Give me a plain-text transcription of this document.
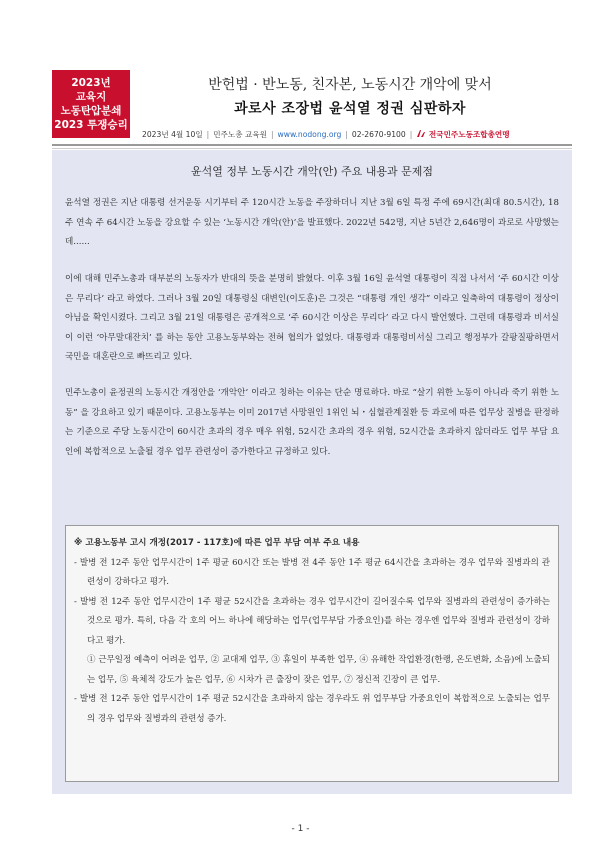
2023년
교육지
노동탄압분쇄
2023 투쟁승리
반헌법 · 반노동, 친자본, 노동시간 개악에 맞서
과로사 조장법 윤석열 정권 심판하자
2023년 4월 10일 | 민주노총 교육원 | www.nodong.org | 02-2670-9100 |	전국민주노동조합총연맹
윤석열 정부 노동시간 개악(안) 주요 내용과 문제점
윤석열 정권은 지난 대통령 선거운동 시기부터 주 120시간 노동을 주장하더니 지난 3월 6일 특정 주에 69시간(최대 80.5시간), 18주 연속 주 64시간 노동을 강요할 수 있는 ‘노동시간 개악(안)’을 발표했다. 2022년 542명, 지난 5년간 2,646명이 과로로 사망했는데......
이에 대해 민주노총과 대부분의 노동자가 반대의 뜻을 분명히 밝혔다. 이후 3월 16일 윤석열 대통령이 직접 나서서 ‘주 60시간 이상은 무리다’ 라고 하였다. 그러나 3월 20일 대통령실 대변인(이도훈)은 그것은 “대통령 개인 생각” 이라고 일축하여 대통령이 정상이 아님을 확인시켰다. 그리고 3월 21일 대통령은 공개적으로 ‘주 60시간 이상은 무리다’ 라고 다시 발언했다. 그런데 대통령과 비서실이 이런 ‘아무말대잔치’ 를 하는 동안 고용노동부와는 전혀 협의가 없었다. 대통령과 대통령비서실 그리고 행정부가 갈팡질팡하면서 국민을 대혼란으로 빠뜨리고 있다.
민주노총이 윤정권의 노동시간 개정안을 ‘개악안’ 이라고 칭하는 이유는 단순 명료하다. 바로 “살기 위한 노동이 아니라 죽기 위한 노동” 을 강요하고 있기 때문이다. 고용노동부는 이미 2017년 사망원인 1위인 뇌・심혈관계질환 등 과로에 따른 업무상 질병을 판정하는 기준으로 주당 노동시간이 60시간 초과의 경우 매우 위험, 52시간 초과의 경우 위험, 52시간을 초과하지 않더라도 업무 부담 요인에 복합적으로 노출될 경우 업무 관련성이 증가한다고 규정하고 있다.
※ 고용노동부 고시 개정(2017 - 117호)에 따른 업무 부담 여부 주요 내용
- 발병 전 12주 동안 업무시간이 1주 평균 60시간 또는 발병 전 4주 동안 1주 평균 64시간을 초과하는 경우 업무와 질병과의 관련성이 강하다고 평가.
- 발병 전 12주 동안 업무시간이 1주 평균 52시간을 초과하는 경우 업무시간이 길어질수록 업무와 질병과의 관련성이 증가하는 것으로 평가. 특히, 다음 각 호의 어느 하나에 해당하는 업무(업무부담 가중요인)를 하는 경우엔 업무와 질병과 관련성이 강하다고 평가.
① 근무일정 예측이 어려운 업무, ② 교대제 업무, ③ 휴일이 부족한 업무, ④ 유해한 작업환경(한랭, 온도변화, 소음)에 노출되는 업무, ⑤ 육체적 강도가 높은 업무, ⑥ 시차가 큰 출장이 잦은 업무, ⑦ 정신적 긴장이 큰 업무.
- 발병 전 12주 동안 업무시간이 1주 평균 52시간을 초과하지 않는 경우라도 위 업무부담 가중요인이 복합적으로 노출되는 업무의 경우 업무와 질병과의 관련성 증가.
- 1 -
